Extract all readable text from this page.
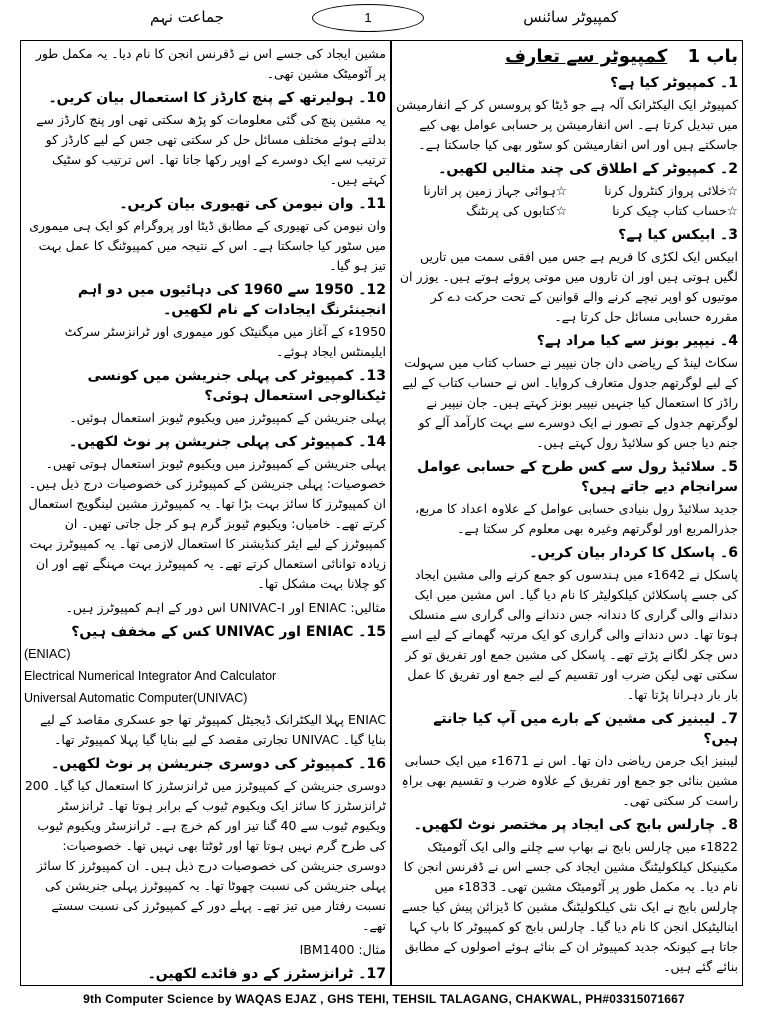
کمپیوٹر سائنس
1
جماعت نہم
باب 1 کمپیوٹر سے تعارف
1۔ کمپیوٹر کیا ہے؟
کمپیوٹر ایک الیکٹرانک آلہ ہے جو ڈیٹا کو پروسس کر کے انفارمیشن میں تبدیل کرتا ہے۔ اس انفارمیشن پر حسابی عوامل بھی کیے جاسکتے ہیں اور اس انفارمیشن کو سٹور بھی کیا جاسکتا ہے۔
2۔ کمپیوٹر کے اطلاق کی چند مثالیں لکھیں۔
☆خلائی پرواز کنٹرول کرنا
☆ہوائی جہاز زمین پر اتارنا
☆حساب کتاب چیک کرنا
☆کتابوں کی پرنٹنگ
3۔ ابیکس کیا ہے؟
ابیکس ایک لکڑی کا فریم ہے جس میں افقی سمت میں تاریں لگیں ہوتی ہیں اور ان تاروں میں موتی پروئے ہوتے ہیں۔ یوزر ان موتیوں کو اوپر نیچے کرنے والے قوانین کے تحت حرکت دے کر مقررہ حسابی مسائل حل کرتا ہے۔
4۔ نیپیر بونز سے کیا مراد ہے؟
سکاٹ لینڈ کے ریاضی دان جان نیپیر نے حساب کتاب میں سہولت کے لیے لوگرتھم جدول متعارف کروایا۔ اس نے حساب کتاب کے لیے راڈز کا استعمال کیا جنہیں نیپیر بونز کہتے ہیں۔ جان نیپیر نے لوگرتھم جدول کے تصور نے ایک دوسرے سے بہت کارآمد آلے کو جنم دیا جس کو سلائیڈ رول کہتے ہیں۔
5۔ سلائیڈ رول سے کس طرح کے حسابی عوامل سرانجام دیے جاتے ہیں؟
جدید سلائیڈ رول بنیادی حسابی عوامل کے علاوہ اعداد کا مربع، جذرالمربع اور لوگرتھم وغیرہ بھی معلوم کر سکتا ہے۔
6۔ پاسکل کا کردار بیان کریں۔
پاسکل نے 1642ء میں ہندسوں کو جمع کرنے والی مشین ایجاد کی جسے پاسکلائن کیلکولیٹر کا نام دیا گیا۔ اس مشین میں ایک دندانے والی گراری کا دندانہ جس دندانے والی گراری سے منسلک ہوتا تھا۔ دس دندانے والی گراری کو ایک مرتبہ گھمانے کے لیے اسے دس چکر لگانے پڑتے تھے۔ پاسکل کی مشین جمع اور تفریق تو کر سکتی تھی لیکن ضرب اور تقسیم کے لیے جمع اور تفریق کا عمل بار بار دہرانا پڑتا تھا۔
7۔ لیبنیز کی مشین کے بارے میں آپ کیا جانتے ہیں؟
لیبنیز ایک جرمن ریاضی دان تھا۔ اس نے 1671ء میں ایک حسابی مشین بنائی جو جمع اور تفریق کے علاوہ ضرب و تقسیم بھی براہِ راست کر سکتی تھی۔
8۔ چارلس بابج کی ایجاد پر مختصر نوٹ لکھیں۔
1822ء میں چارلس بابج نے بھاپ سے چلنے والی ایک آٹومیٹک مکینیکل کیلکولیٹنگ مشین ایجاد کی جسے اس نے ڈفرنس انجن کا نام دیا۔ یہ مکمل طور پر آٹومیٹک مشین تھی۔ 1833ء میں چارلس بابج نے ایک نئی کیلکولیٹنگ مشین کا ڈیزائن پیش کیا جسے اینالیٹیکل انجن کا نام دیا گیا۔ چارلس بابج کو کمپیوٹر کا باپ کہا جاتا ہے کیونکہ جدید کمپیوٹر ان کے بنائے ہوئے اصولوں کے مطابق بنائے گئے ہیں۔
مشین ایجاد کی جسے اس نے ڈفرنس انجن کا نام دیا۔ یہ مکمل طور پر آٹومیٹک مشین تھی۔
10۔ ہولیرتھ کے پنچ کارڈز کا استعمال بیان کریں۔
یہ مشین پنچ کی گئی معلومات کو پڑھ سکتی تھی اور پنچ کارڈز سے بدلتے ہوئے مختلف مسائل حل کر سکتی تھی جس کے لیے کارڈز کو ترتیب سے ایک دوسرے کے اوپر رکھا جاتا تھا۔ اس ترتیب کو سٹیک کہتے ہیں۔
11۔ وان نیومن کی تھیوری بیان کریں۔
وان نیومن کی تھیوری کے مطابق ڈیٹا اور پروگرام کو ایک ہی میموری میں سٹور کیا جاسکتا ہے۔ اس کے نتیجہ میں کمپیوٹنگ کا عمل بہت تیز ہو گیا۔
12۔ 1950 سے 1960 کی دہائیوں میں دو اہم انجینئرنگ ایجادات کے نام لکھیں۔
1950ء کے آغاز میں میگنیٹک کور میموری اور ٹرانزسٹر سرکٹ ایلیمنٹس ایجاد ہوئے۔
13۔ کمپیوٹر کی پہلی جنریشن میں کونسی ٹیکنالوجی استعمال ہوئی؟
پہلی جنریشن کے کمپیوٹرز میں ویکیوم ٹیوبز استعمال ہوئیں۔
14۔ کمپیوٹر کی پہلی جنریشن پر نوٹ لکھیں۔
پہلی جنریشن کے کمپیوٹرز میں ویکیوم ٹیوبز استعمال ہوتی تھیں۔ خصوصیات: پہلی جنریشن کے کمپیوٹرز کی خصوصیات درج ذیل ہیں۔ ان کمپیوٹرز کا سائز بہت بڑا تھا۔ یہ کمپیوٹرز مشین لینگویج استعمال کرتے تھے۔ خامیاں: ویکیوم ٹیوبز گرم ہو کر جل جاتی تھیں۔ ان کمپیوٹرز کے لیے ایئر کنڈیشنر کا استعمال لازمی تھا۔ یہ کمپیوٹرز بہت زیادہ توانائی استعمال کرتے تھے۔ یہ کمپیوٹرز بہت مہنگے تھے اور ان کو چلانا بہت مشکل تھا۔
مثالیں: ENIAC اور UNIVAC-I اس دور کے اہم کمپیوٹرز ہیں۔
15۔ ENIAC اور UNIVAC کس کے مخفف ہیں؟
(ENIAC)
Electrical Numerical Integrator And Calculator
Universal Automatic Computer(UNIVAC)
ENIAC پہلا الیکٹرانک ڈیجیٹل کمپیوٹر تھا جو عسکری مقاصد کے لیے بنایا گیا۔ UNIVAC تجارتی مقصد کے لیے بنایا گیا پہلا کمپیوٹر تھا۔
16۔ کمپیوٹر کی دوسری جنریشن پر نوٹ لکھیں۔
دوسری جنریشن کے کمپیوٹرز میں ٹرانزسٹرز کا استعمال کیا گیا۔ 200 ٹرانزسٹرز کا سائز ایک ویکیوم ٹیوب کے برابر ہوتا تھا۔ ٹرانزسٹر ویکیوم ٹیوب سے 40 گنا تیز اور کم خرچ ہے۔ ٹرانزسٹر ویکیوم ٹیوب کی طرح گرم نہیں ہوتا تھا اور ٹوٹتا بھی نہیں تھا۔ خصوصیات: دوسری جنریشن کی خصوصیات درج ذیل ہیں۔ ان کمپیوٹرز کا سائز پہلی جنریشن کی نسبت چھوٹا تھا۔ یہ کمپیوٹرز پہلی جنریشن کی نسبت رفتار میں تیز تھے۔ پہلے دور کے کمپیوٹرز کی نسبت سستے تھے۔
مثال: IBM1400
17۔ ٹرانزسٹرز کے دو فائدے لکھیں۔
9th Computer Science by WAQAS EJAZ , GHS TEHI, TEHSIL TALAGANG, CHAKWAL, PH#03315071667
